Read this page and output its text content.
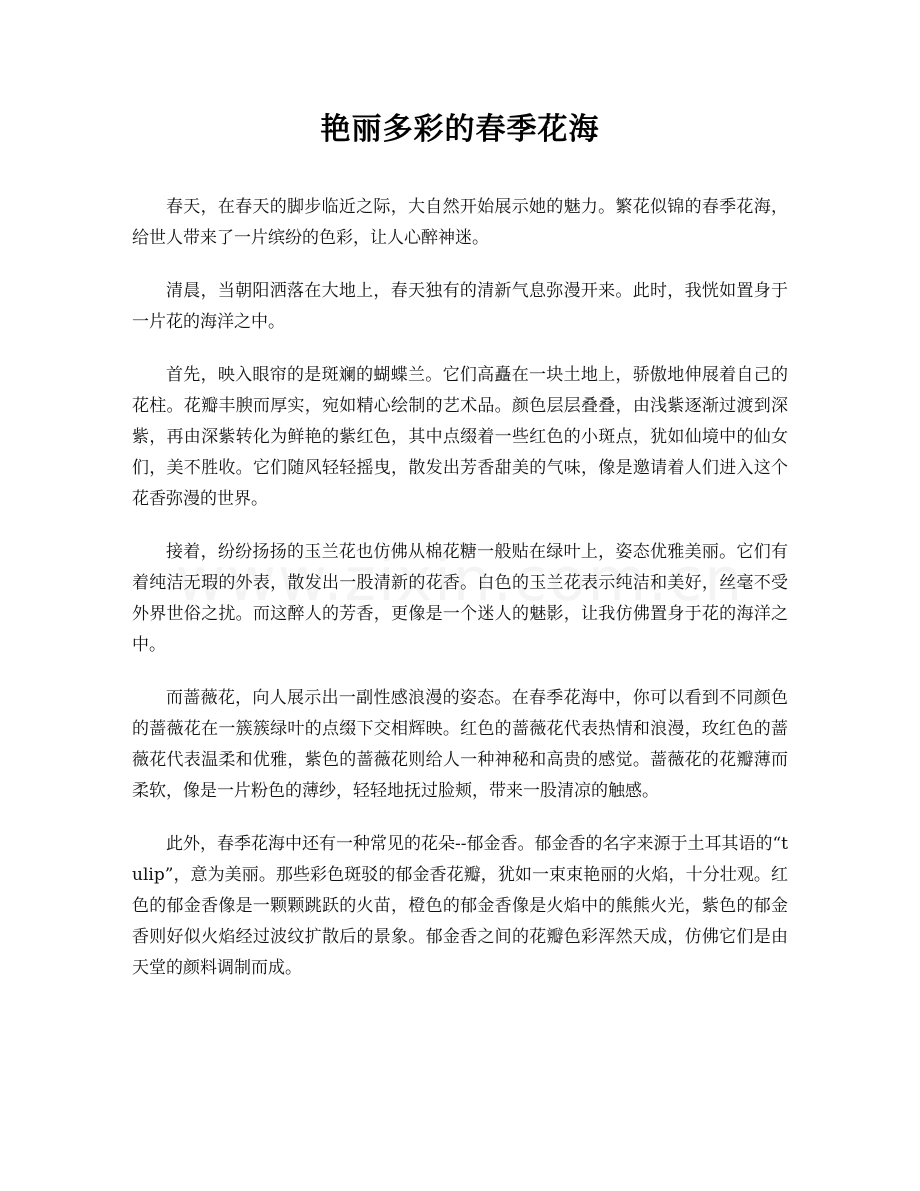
艳丽多彩的春季花海

春天，在春天的脚步临近之际，大自然开始展示她的魅力。繁花似锦的春季花海，给世人带来了一片缤纷的色彩，让人心醉神迷。

清晨，当朝阳洒落在大地上，春天独有的清新气息弥漫开来。此时，我恍如置身于一片花的海洋之中。

首先，映入眼帘的是斑斓的蝴蝶兰。它们高矗在一块土地上，骄傲地伸展着自己的花柱。花瓣丰腴而厚实，宛如精心绘制的艺术品。颜色层层叠叠，由浅紫逐渐过渡到深紫，再由深紫转化为鲜艳的紫红色，其中点缀着一些红色的小斑点，犹如仙境中的仙女们，美不胜收。它们随风轻轻摇曳，散发出芳香甜美的气味，像是邀请着人们进入这个花香弥漫的世界。

接着，纷纷扬扬的玉兰花也仿佛从棉花糖一般贴在绿叶上，姿态优雅美丽。它们有着纯洁无瑕的外表，散发出一股清新的花香。白色的玉兰花表示纯洁和美好，丝毫不受外界世俗之扰。而这醉人的芳香，更像是一个迷人的魅影，让我仿佛置身于花的海洋之中。

而蔷薇花，向人展示出一副性感浪漫的姿态。在春季花海中，你可以看到不同颜色的蔷薇花在一簇簇绿叶的点缀下交相辉映。红色的蔷薇花代表热情和浪漫，玫红色的蔷薇花代表温柔和优雅，紫色的蔷薇花则给人一种神秘和高贵的感觉。蔷薇花的花瓣薄而柔软，像是一片粉色的薄纱，轻轻地抚过脸颊，带来一股清凉的触感。

此外，春季花海中还有一种常见的花朵--郁金香。郁金香的名字来源于土耳其语的“tulip”，意为美丽。那些彩色斑驳的郁金香花瓣，犹如一束束艳丽的火焰，十分壮观。红色的郁金香像是一颗颗跳跃的火苗，橙色的郁金香像是火焰中的熊熊火光，紫色的郁金香则好似火焰经过波纹扩散后的景象。郁金香之间的花瓣色彩浑然天成，仿佛它们是由天堂的颜料调制而成。
